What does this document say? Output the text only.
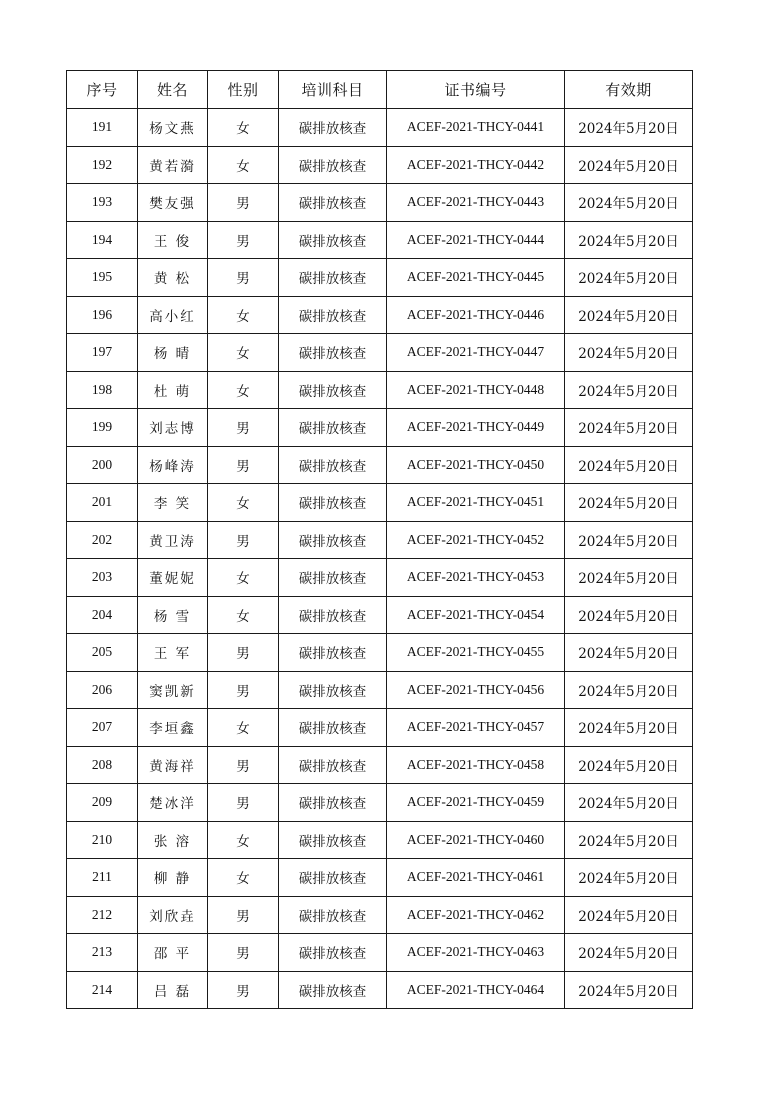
序号	姓名	性别	培训科目	证书编号	有效期
191	杨文燕	女	碳排放核查	ACEF-2021-THCY-0441	2024年5月20日
192	黄若漪	女	碳排放核查	ACEF-2021-THCY-0442	2024年5月20日
193	樊友强	男	碳排放核查	ACEF-2021-THCY-0443	2024年5月20日
194	王 俊	男	碳排放核查	ACEF-2021-THCY-0444	2024年5月20日
195	黄 松	男	碳排放核查	ACEF-2021-THCY-0445	2024年5月20日
196	高小红	女	碳排放核查	ACEF-2021-THCY-0446	2024年5月20日
197	杨 晴	女	碳排放核查	ACEF-2021-THCY-0447	2024年5月20日
198	杜 萌	女	碳排放核查	ACEF-2021-THCY-0448	2024年5月20日
199	刘志博	男	碳排放核查	ACEF-2021-THCY-0449	2024年5月20日
200	杨峰涛	男	碳排放核查	ACEF-2021-THCY-0450	2024年5月20日
201	李 笑	女	碳排放核查	ACEF-2021-THCY-0451	2024年5月20日
202	黄卫涛	男	碳排放核查	ACEF-2021-THCY-0452	2024年5月20日
203	董妮妮	女	碳排放核查	ACEF-2021-THCY-0453	2024年5月20日
204	杨 雪	女	碳排放核查	ACEF-2021-THCY-0454	2024年5月20日
205	王 军	男	碳排放核查	ACEF-2021-THCY-0455	2024年5月20日
206	窦凯新	男	碳排放核查	ACEF-2021-THCY-0456	2024年5月20日
207	李垣鑫	女	碳排放核查	ACEF-2021-THCY-0457	2024年5月20日
208	黄海祥	男	碳排放核查	ACEF-2021-THCY-0458	2024年5月20日
209	楚冰洋	男	碳排放核查	ACEF-2021-THCY-0459	2024年5月20日
210	张 溶	女	碳排放核查	ACEF-2021-THCY-0460	2024年5月20日
211	柳 静	女	碳排放核查	ACEF-2021-THCY-0461	2024年5月20日
212	刘欣垚	男	碳排放核查	ACEF-2021-THCY-0462	2024年5月20日
213	邵 平	男	碳排放核查	ACEF-2021-THCY-0463	2024年5月20日
214	吕 磊	男	碳排放核查	ACEF-2021-THCY-0464	2024年5月20日
